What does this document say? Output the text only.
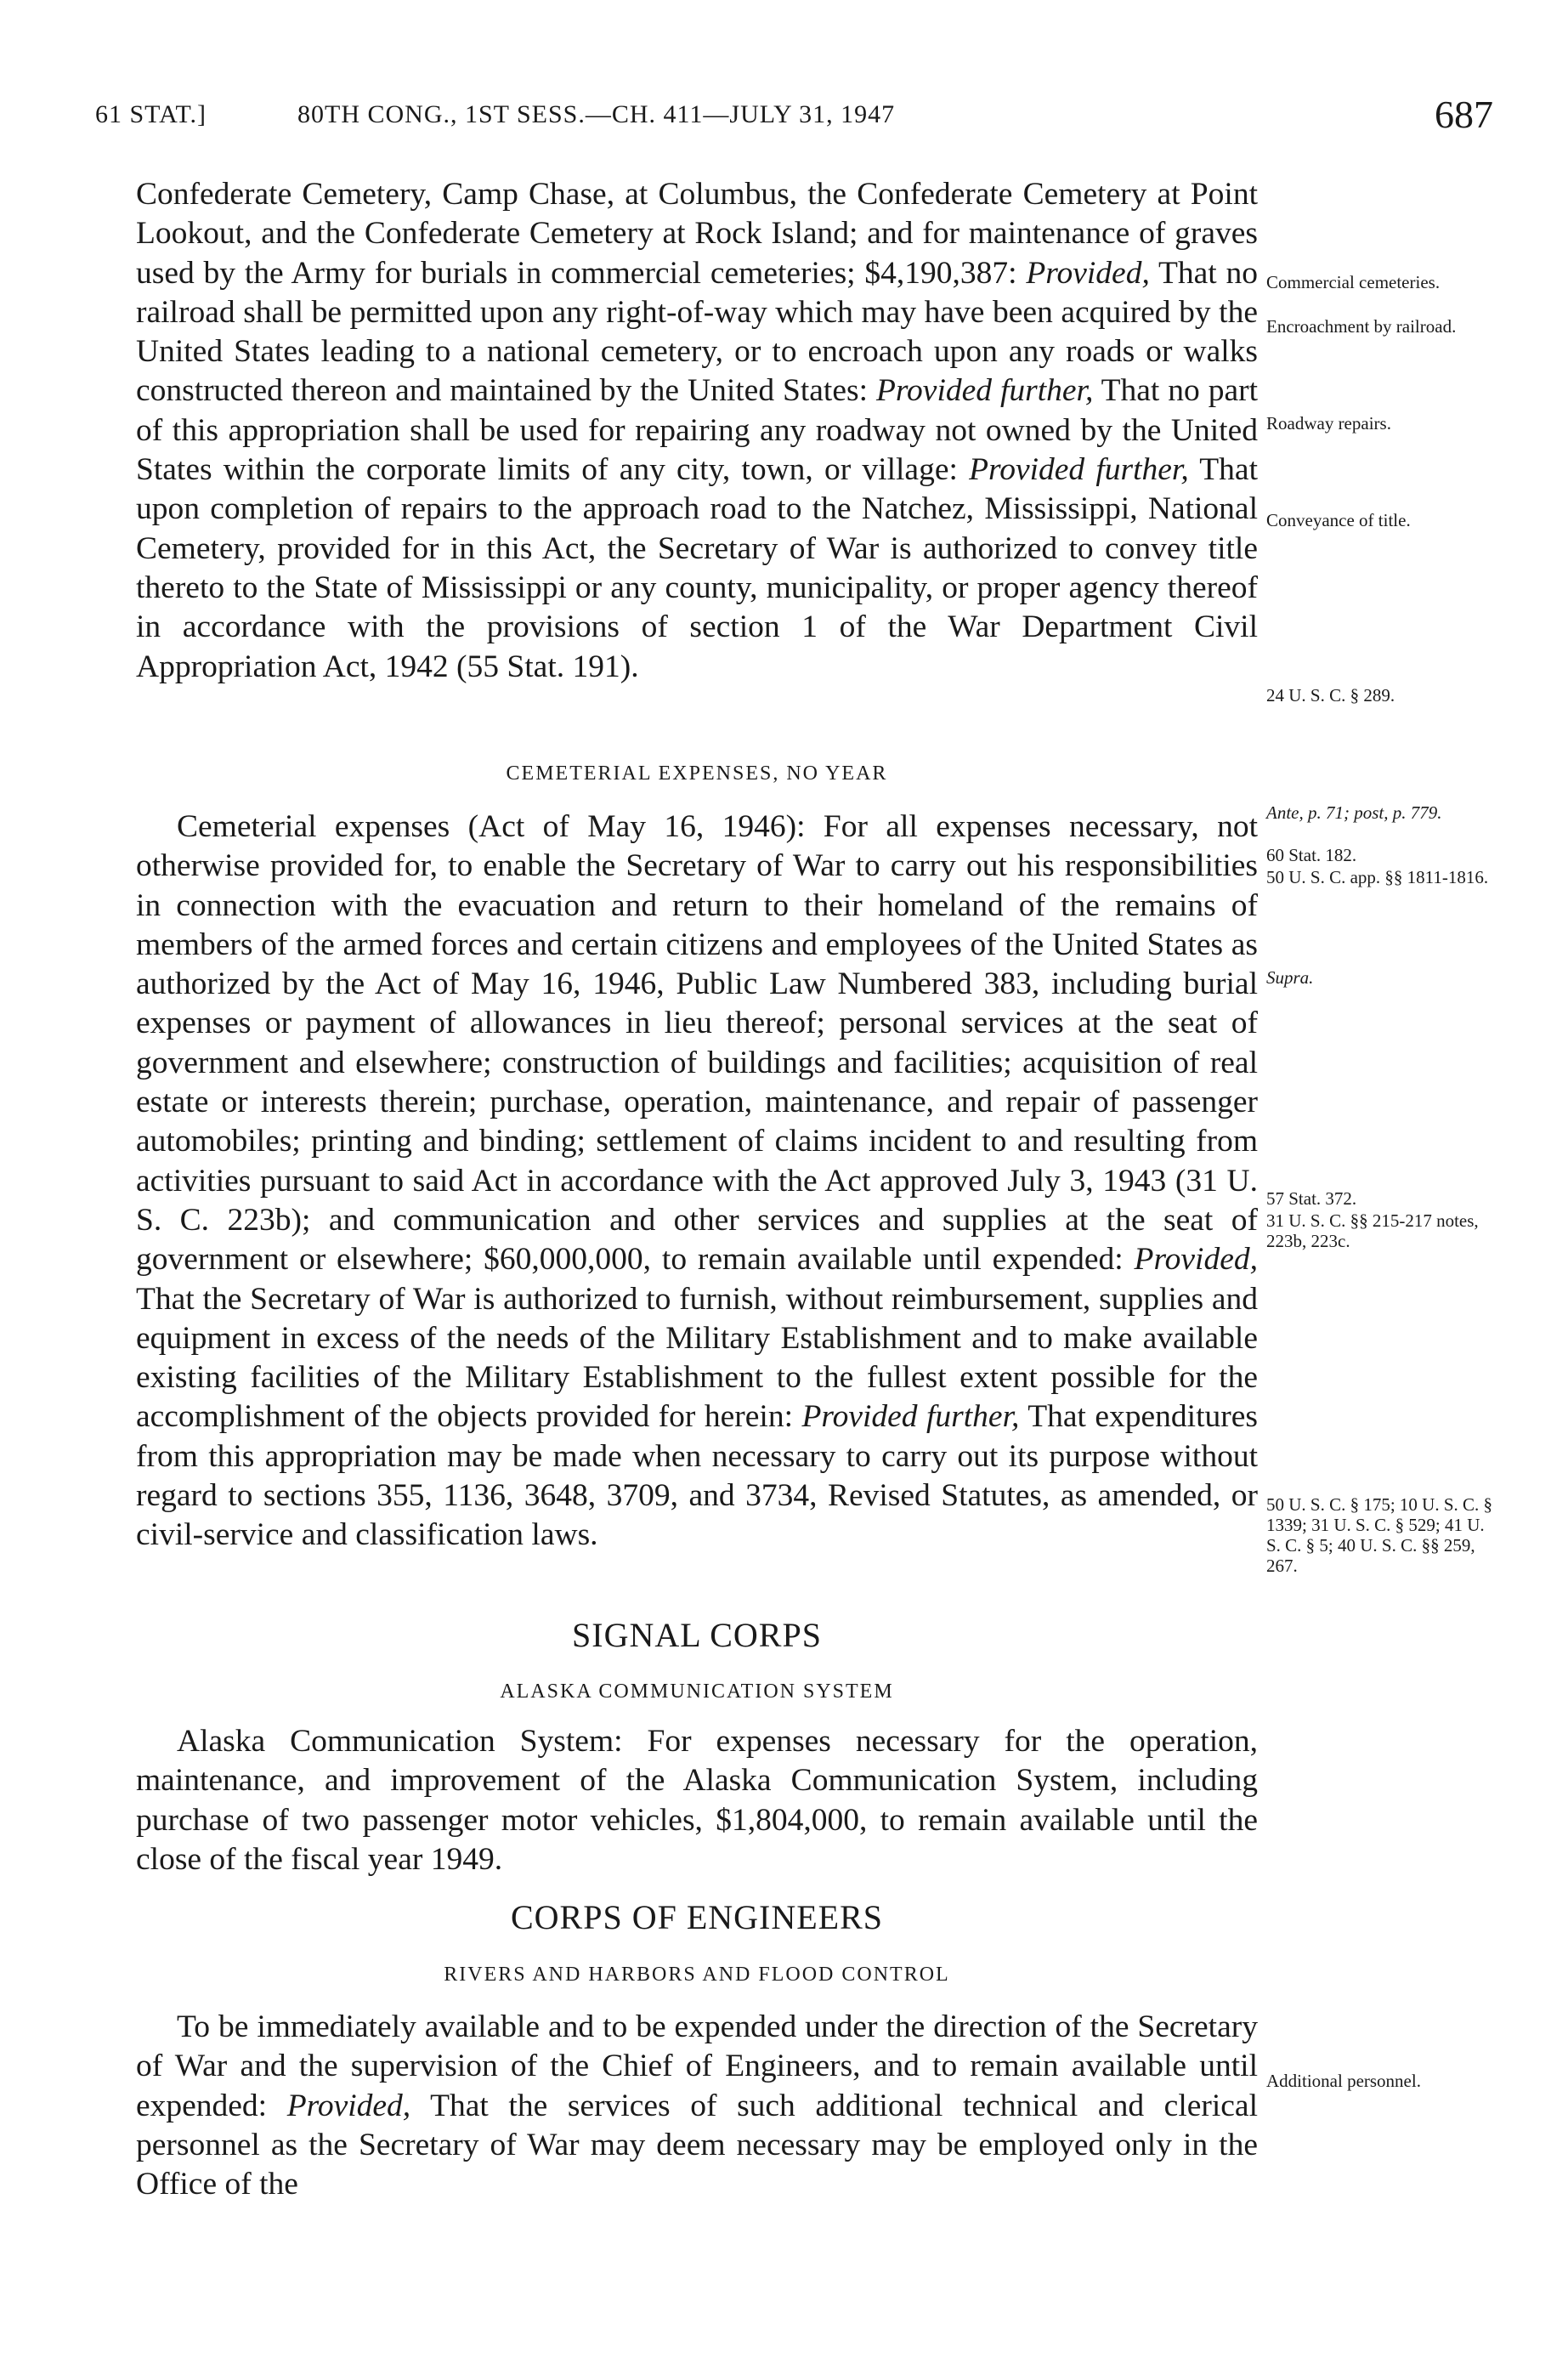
61 STAT.]	80TH CONG., 1ST SESS.—CH. 411—JULY 31, 1947	687

Confederate Cemetery, Camp Chase, at Columbus, the Confederate Cemetery at Point Lookout, and the Confederate Cemetery at Rock Island; and for maintenance of graves used by the Army for burials in commercial cemeteries; $4,190,387: Provided, That no railroad shall be permitted upon any right-of-way which may have been acquired by the United States leading to a national cemetery, or to encroach upon any roads or walks constructed thereon and maintained by the United States: Provided further, That no part of this appropriation shall be used for repairing any roadway not owned by the United States within the corporate limits of any city, town, or village: Provided further, That upon completion of repairs to the approach road to the Natchez, Mississippi, National Cemetery, provided for in this Act, the Secretary of War is authorized to convey title thereto to the State of Mississippi or any county, municipality, or proper agency thereof in accordance with the provisions of section 1 of the War Department Civil Appropriation Act, 1942 (55 Stat. 191).

CEMETERIAL EXPENSES, NO YEAR

Cemeterial expenses (Act of May 16, 1946): For all expenses necessary, not otherwise provided for, to enable the Secretary of War to carry out his responsibilities in connection with the evacuation and return to their homeland of the remains of members of the armed forces and certain citizens and employees of the United States as authorized by the Act of May 16, 1946, Public Law Numbered 383, including burial expenses or payment of allowances in lieu thereof; personal services at the seat of government and elsewhere; construction of buildings and facilities; acquisition of real estate or interests therein; purchase, operation, maintenance, and repair of passenger automobiles; printing and binding; settlement of claims incident to and resulting from activities pursuant to said Act in accordance with the Act approved July 3, 1943 (31 U. S. C. 223b); and communication and other services and supplies at the seat of government or elsewhere; $60,000,000, to remain available until expended: Provided, That the Secretary of War is authorized to furnish, without reimbursement, supplies and equipment in excess of the needs of the Military Establishment and to make available existing facilities of the Military Establishment to the fullest extent possible for the accomplishment of the objects provided for herein: Provided further, That expenditures from this appropriation may be made when necessary to carry out its purpose without regard to sections 355, 1136, 3648, 3709, and 3734, Revised Statutes, as amended, or civil-service and classification laws.

SIGNAL CORPS
ALASKA COMMUNICATION SYSTEM

Alaska Communication System: For expenses necessary for the operation, maintenance, and improvement of the Alaska Communication System, including purchase of two passenger motor vehicles, $1,804,000, to remain available until the close of the fiscal year 1949.

CORPS OF ENGINEERS
RIVERS AND HARBORS AND FLOOD CONTROL

To be immediately available and to be expended under the direction of the Secretary of War and the supervision of the Chief of Engineers, and to remain available until expended: Provided, That the services of such additional technical and clerical personnel as the Secretary of War may deem necessary may be employed only in the Office of the

Commercial cemeteries.
Encroachment by railroad.
Roadway repairs.
Conveyance of title.
24 U. S. C. § 289.
Ante, p. 71; post, p. 779.
60 Stat. 182.
50 U. S. C. app. §§ 1811-1816.
Supra.
57 Stat. 372.
31 U. S. C. §§ 215-217 notes, 223b, 223c.
50 U. S. C. § 175; 10 U. S. C. § 1339; 31 U. S. C. § 529; 41 U. S. C. § 5; 40 U. S. C. §§ 259, 267.
Additional personnel.
